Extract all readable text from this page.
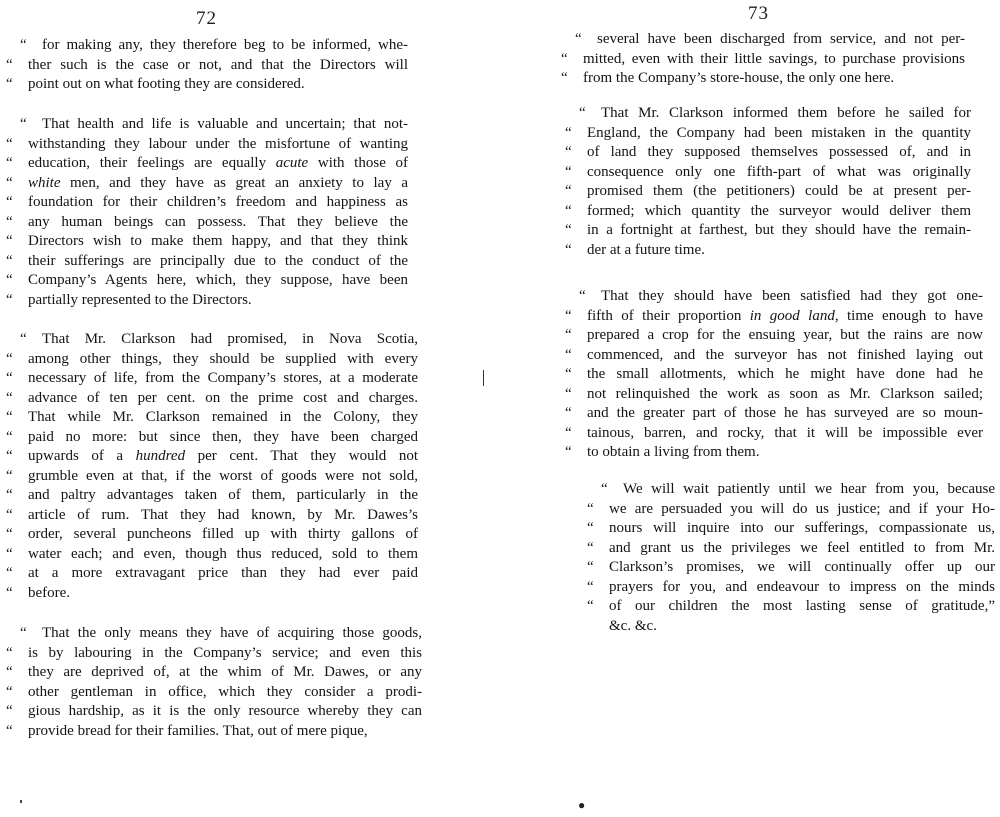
72
“	for making any, they therefore beg to be informed, whe-
“	ther such is the case or not, and that the Directors will
“	point out on what footing they are considered.
“	That health and life is valuable and uncertain; that not-
“	withstanding they labour under the misfortune of wanting
“	education, their feelings are equally acute with those of
“	white men, and they have as great an anxiety to lay a
“	foundation for their children’s freedom and happiness as
“	any human beings can possess. That they believe the
“	Directors wish to make them happy, and that they think
“	their sufferings are principally due to the conduct of the
“	Company’s Agents here, which, they suppose, have been
“	partially represented to the Directors.
“	That Mr. Clarkson had promised, in Nova Scotia,
“	among other things, they should be supplied with every
“	necessary of life, from the Company’s stores, at a moderate
“	advance of ten per cent. on the prime cost and charges.
“	That while Mr. Clarkson remained in the Colony, they
“	paid no more: but since then, they have been charged
“	upwards of a hundred per cent. That they would not
“	grumble even at that, if the worst of goods were not sold,
“	and paltry advantages taken of them, particularly in the
“	article of rum. That they had known, by Mr. Dawes’s
“	order, several puncheons filled up with thirty gallons of
“	water each; and even, though thus reduced, sold to them
“	at a more extravagant price than they had ever paid
“	before.
“	That the only means they have of acquiring those goods,
“	is by labouring in the Company’s service; and even this
“	they are deprived of, at the whim of Mr. Dawes, or any
“	other gentleman in office, which they consider a prodi-
“	gious hardship, as it is the only resource whereby they can
“	provide bread for their families. That, out of mere pique,
73
“	several have been discharged from service, and not per-
“	mitted, even with their little savings, to purchase provisions
“	from the Company’s store-house, the only one here.
“	That Mr. Clarkson informed them before he sailed for
“	England, the Company had been mistaken in the quantity
“	of land they supposed themselves possessed of, and in
“	consequence only one fifth-part of what was originally
“	promised them (the petitioners) could be at present per-
“	formed; which quantity the surveyor would deliver them
“	in a fortnight at farthest, but they should have the remain-
“	der at a future time.
“	That they should have been satisfied had they got one-
“	fifth of their proportion in good land, time enough to have
“	prepared a crop for the ensuing year, but the rains are now
“	commenced, and the surveyor has not finished laying out
“	the small allotments, which he might have done had he
“	not relinquished the work as soon as Mr. Clarkson sailed;
“	and the greater part of those he has surveyed are so moun-
“	tainous, barren, and rocky, that it will be impossible ever
“	to obtain a living from them.
“	We will wait patiently until we hear from you, because
“	we are persuaded you will do us justice; and if your Ho-
“	nours will inquire into our sufferings, compassionate us,
“	and grant us the privileges we feel entitled to from Mr.
“	Clarkson’s promises, we will continually offer up our
“	prayers for you, and endeavour to impress on the minds
“	of our children the most lasting sense of gratitude,”
&c. &c.
●
